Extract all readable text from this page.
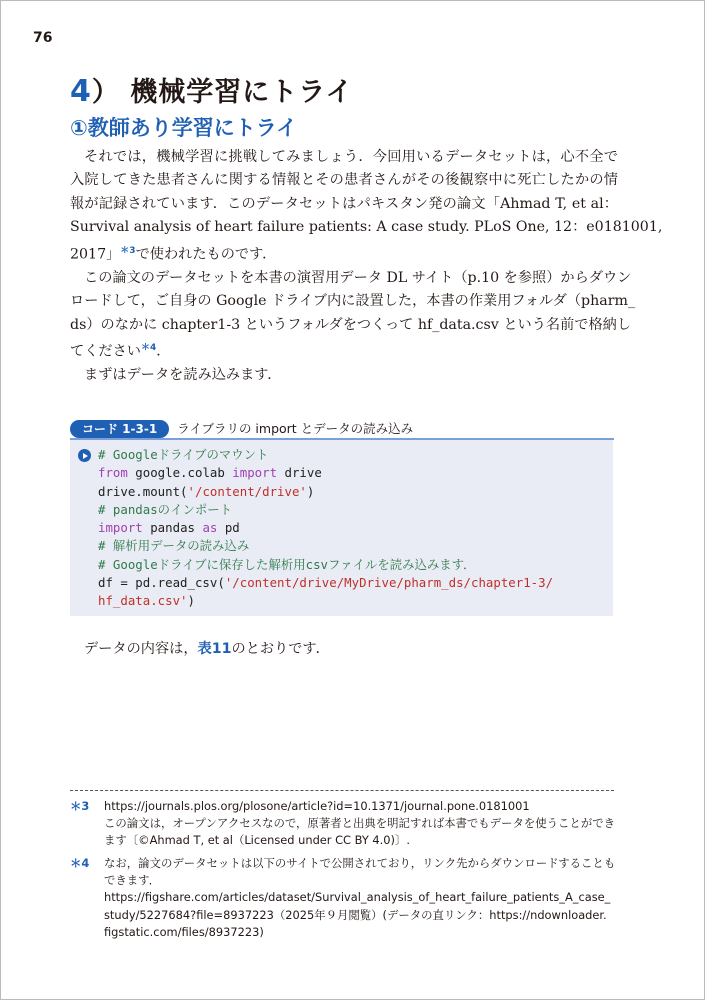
76
4） 機械学習にトライ
①教師あり学習にトライ
それでは，機械学習に挑戦してみましょう．今回用いるデータセットは，心不全で
入院してきた患者さんに関する情報とその患者さんがその後観察中に死亡したかの情
報が記録されています．このデータセットはパキスタン発の論文「Ahmad T, et al：
Survival analysis of heart failure patients: A case study. PLoS One, 12：e0181001,
2017」$^{*3}$で使われたものです．
この論文のデータセットを本書の演習用データ DL サイト（p.10 を参照）からダウン
ロードして，ご自身の Google ドライブ内に設置した，本書の作業用フォルダ（pharm_
ds）のなかに chapter1-3 というフォルダをつくって hf_data.csv という名前で格納し
てください$^{*4}$．
まずはデータを読み込みます．
コード 1-3-1 ライブラリの import とデータの読み込み
# Googleドライブのマウント
from google.colab import drive
drive.mount('/content/drive')
# pandasのインポート
import pandas as pd
# 解析用データの読み込み
# Googleドライブに保存した解析用csvファイルを読み込みます．
df = pd.read_csv('/content/drive/MyDrive/pharm_ds/chapter1-3/
hf_data.csv')
データの内容は，表11のとおりです．
＊3 https://journals.plos.org/plosone/article?id=10.1371/journal.pone.0181001
この論文は，オープンアクセスなので，原著者と出典を明記すれば本書でもデータを使うことができ
ます〔©Ahmad T, et al（Licensed under CC BY 4.0)〕.
＊4 なお，論文のデータセットは以下のサイトで公開されており，リンク先からダウンロードすることも
できます．
https://figshare.com/articles/dataset/Survival_analysis_of_heart_failure_patients_A_case_
study/5227684?file=8937223（2025年９月閲覧）(データの直リンク：https://ndownloader.
figstatic.com/files/8937223)
